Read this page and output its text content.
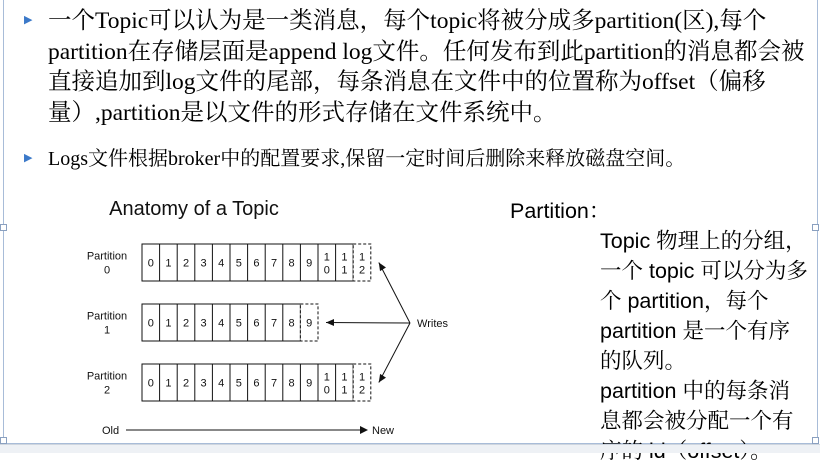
▶ 一个Topic可以认为是一类消息，每个topic将被分成多partition(区),每个partition在存储层面是append log文件。任何发布到此partition的消息都会被直接追加到log文件的尾部，每条消息在文件中的位置称为offset（偏移量）,partition是以文件的形式存储在文件系统中。
▶ Logs文件根据broker中的配置要求,保留一定时间后删除来释放磁盘空间。
Anatomy of a Topic
Partition
0
0 1 2 3 4 5 6 7 8 9 1 0
1 1
1 2
Partition
1
0 1 2 3 4 5 6 7 8 9
Partition
2
0 1 2 3 4 5 6 7 8 9 1 0
1 1
1 2
Writes
Old	New
Partition：
Topic 物理上的分组，一个 topic 可以分为多个 partition，每个 partition 是一个有序的队列。
partition 中的每条消息都会被分配一个有
